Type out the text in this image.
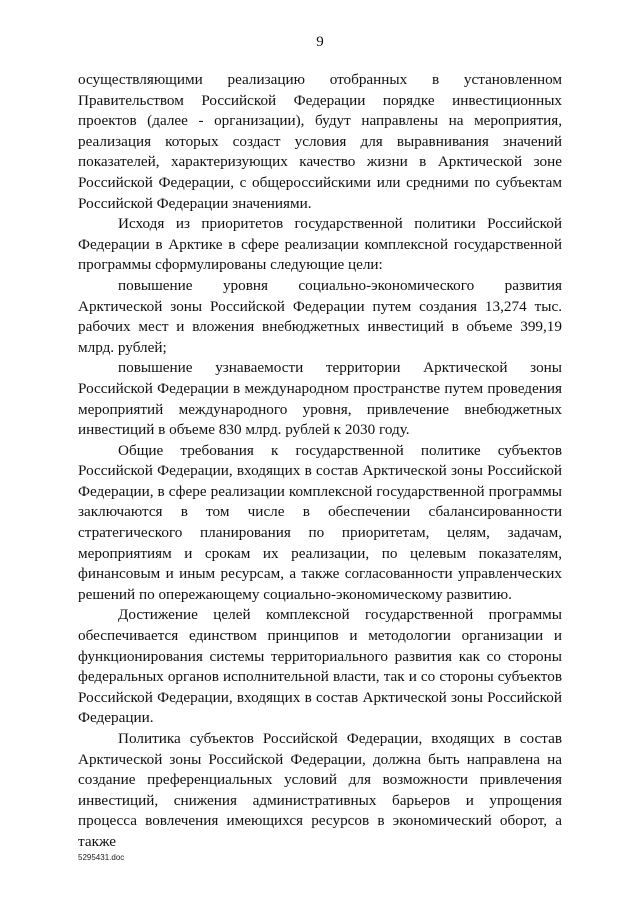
9

осуществляющими реализацию отобранных в установленном Правительством Российской Федерации порядке инвестиционных проектов (далее - организации), будут направлены на мероприятия, реализация которых создаст условия для выравнивания значений показателей, характеризующих качество жизни в Арктической зоне Российской Федерации, с общероссийскими или средними по субъектам Российской Федерации значениями.

Исходя из приоритетов государственной политики Российской Федерации в Арктике в сфере реализации комплексной государственной программы сформулированы следующие цели:

повышение уровня социально-экономического развития Арктической зоны Российской Федерации путем создания 13,274 тыс. рабочих мест и вложения внебюджетных инвестиций в объеме 399,19 млрд. рублей;

повышение узнаваемости территории Арктической зоны Российской Федерации в международном пространстве путем проведения мероприятий международного уровня, привлечение внебюджетных инвестиций в объеме 830 млрд. рублей к 2030 году.

Общие требования к государственной политике субъектов Российской Федерации, входящих в состав Арктической зоны Российской Федерации, в сфере реализации комплексной государственной программы заключаются в том числе в обеспечении сбалансированности стратегического планирования по приоритетам, целям, задачам, мероприятиям и срокам их реализации, по целевым показателям, финансовым и иным ресурсам, а также согласованности управленческих решений по опережающему социально-экономическому развитию.

Достижение целей комплексной государственной программы обеспечивается единством принципов и методологии организации и функционирования системы территориального развития как со стороны федеральных органов исполнительной власти, так и со стороны субъектов Российской Федерации, входящих в состав Арктической зоны Российской Федерации.

Политика субъектов Российской Федерации, входящих в состав Арктической зоны Российской Федерации, должна быть направлена на создание преференциальных условий для возможности привлечения инвестиций, снижения административных барьеров и упрощения процесса вовлечения имеющихся ресурсов в экономический оборот, а также

5295431.doc
